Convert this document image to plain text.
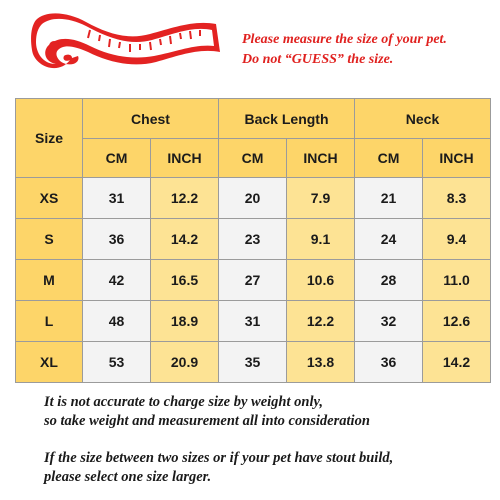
Please measure the size of your pet.
Do not “GUESS” the size.
Size	Chest		Back Length		Neck	
	CM	INCH	CM	INCH	CM	INCH
XS	31	12.2	20	7.9	21	8.3
S	36	14.2	23	9.1	24	9.4
M	42	16.5	27	10.6	28	11.0
L	48	18.9	31	12.2	32	12.6
XL	53	20.9	35	13.8	36	14.2

It is not accurate to charge size by weight only,

so take weight and measurement all into consideration

If the size between two sizes or if your pet have stout build,

please select one size larger.
